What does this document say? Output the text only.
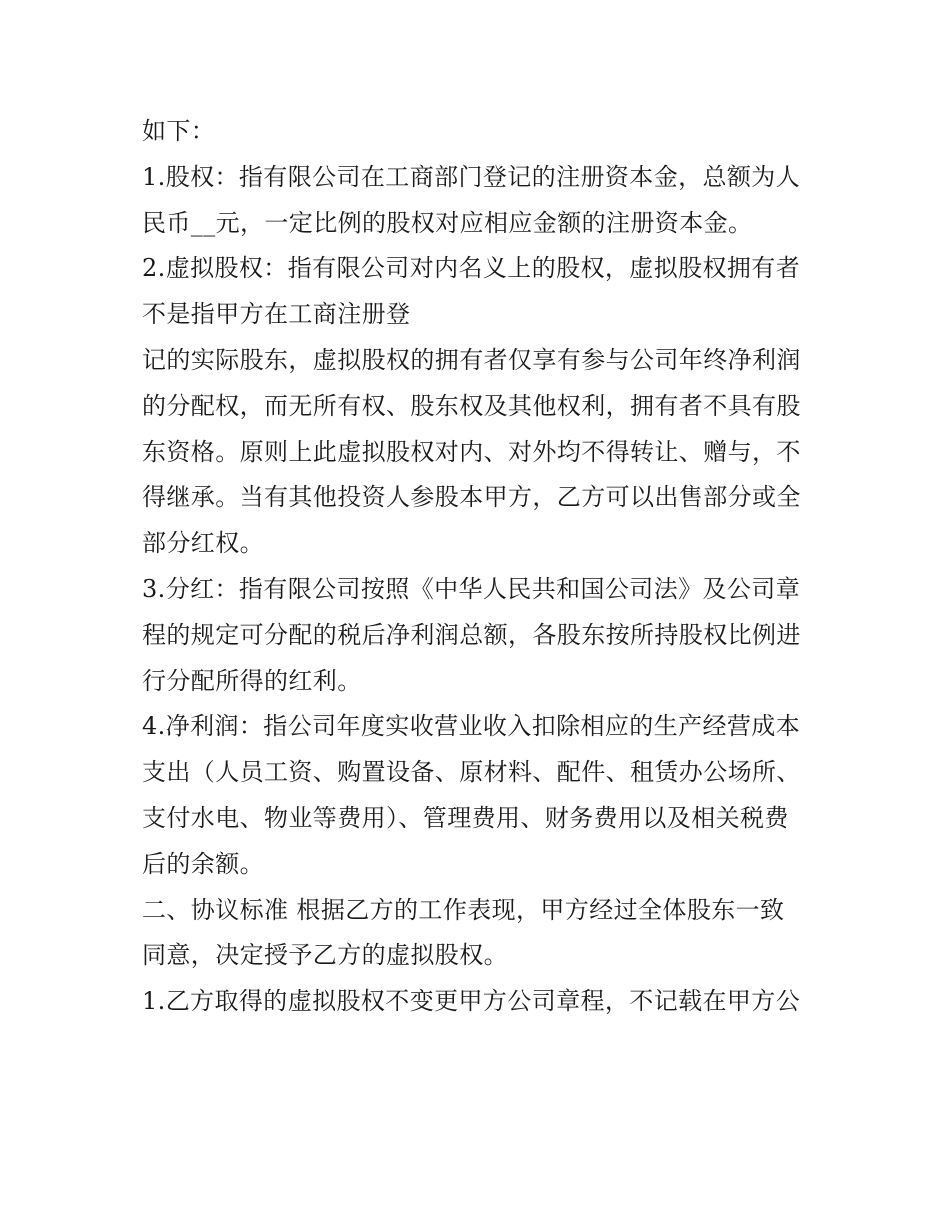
如下：
1.股权：指有限公司在工商部门登记的注册资本金，总额为人
民币__元，一定比例的股权对应相应金额的注册资本金。
2.虚拟股权：指有限公司对内名义上的股权，虚拟股权拥有者
不是指甲方在工商注册登
记的实际股东，虚拟股权的拥有者仅享有参与公司年终净利润
的分配权，而无所有权、股东权及其他权利，拥有者不具有股
东资格。原则上此虚拟股权对内、对外均不得转让、赠与，不
得继承。当有其他投资人参股本甲方，乙方可以出售部分或全
部分红权。
3.分红：指有限公司按照《中华人民共和国公司法》及公司章
程的规定可分配的税后净利润总额，各股东按所持股权比例进
行分配所得的红利。
4.净利润：指公司年度实收营业收入扣除相应的生产经营成本
支出（人员工资、购置设备、原材料、配件、租赁办公场所、
支付水电、物业等费用）、管理费用、财务费用以及相关税费
后的余额。
二、协议标准 根据乙方的工作表现，甲方经过全体股东一致
同意，决定授予乙方的虚拟股权。
1.乙方取得的虚拟股权不变更甲方公司章程，不记载在甲方公
